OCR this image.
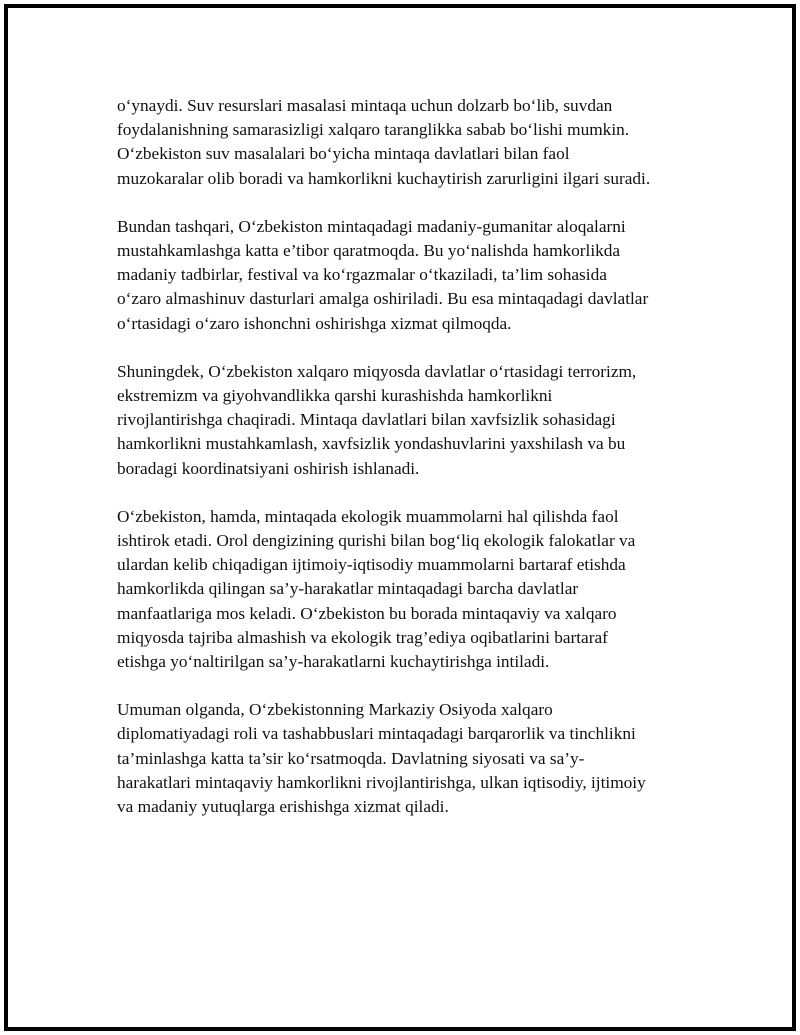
o‘ynaydi. Suv resurslari masalasi mintaqa uchun dolzarb bo‘lib, suvdan
foydalanishning samarasizligi xalqaro taranglikka sabab bo‘lishi mumkin.
O‘zbekiston suv masalalari bo‘yicha mintaqa davlatlari bilan faol
muzokaralar olib boradi va hamkorlikni kuchaytirish zarurligini ilgari suradi.

Bundan tashqari, O‘zbekiston mintaqadagi madaniy-gumanitar aloqalarni
mustahkamlashga katta e’tibor qaratmoqda. Bu yo‘nalishda hamkorlikda
madaniy tadbirlar, festival va ko‘rgazmalar o‘tkaziladi, ta’lim sohasida
o‘zaro almashinuv dasturlari amalga oshiriladi. Bu esa mintaqadagi davlatlar
o‘rtasidagi o‘zaro ishonchni oshirishga xizmat qilmoqda.

Shuningdek, O‘zbekiston xalqaro miqyosda davlatlar o‘rtasidagi terrorizm,
ekstremizm va giyohvandlikka qarshi kurashishda hamkorlikni
rivojlantirishga chaqiradi. Mintaqa davlatlari bilan xavfsizlik sohasidagi
hamkorlikni mustahkamlash, xavfsizlik yondashuvlarini yaxshilash va bu
boradagi koordinatsiyani oshirish ishlanadi.

O‘zbekiston, hamda, mintaqada ekologik muammolarni hal qilishda faol
ishtirok etadi. Orol dengizining qurishi bilan bog‘liq ekologik falokatlar va
ulardan kelib chiqadigan ijtimoiy-iqtisodiy muammolarni bartaraf etishda
hamkorlikda qilingan sa’y-harakatlar mintaqadagi barcha davlatlar
manfaatlariga mos keladi. O‘zbekiston bu borada mintaqaviy va xalqaro
miqyosda tajriba almashish va ekologik trag’ediya oqibatlarini bartaraf
etishga yo‘naltirilgan sa’y-harakatlarni kuchaytirishga intiladi.

Umuman olganda, O‘zbekistonning Markaziy Osiyoda xalqaro
diplomatiyadagi roli va tashabbuslari mintaqadagi barqarorlik va tinchlikni
ta’minlashga katta ta’sir ko‘rsatmoqda. Davlatning siyosati va sa’y-
harakatlari mintaqaviy hamkorlikni rivojlantirishga, ulkan iqtisodiy, ijtimoiy
va madaniy yutuqlarga erishishga xizmat qiladi.
